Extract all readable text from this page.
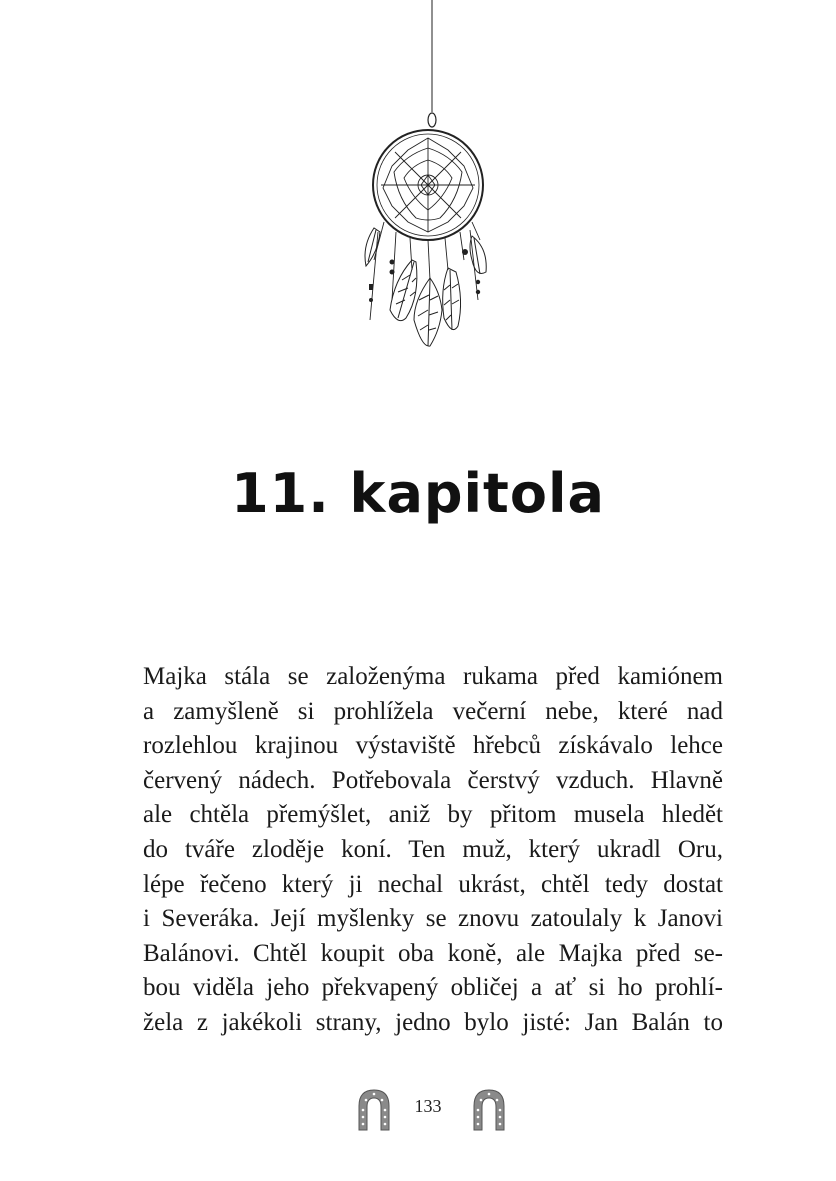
11. kapitola
Majka stála se založenýma rukama před kamiónem
a zamyšleně si prohlížela večerní nebe, které nad
rozlehlou krajinou výstaviště hřebců získávalo lehce
červený nádech. Potřebovala čerstvý vzduch. Hlavně
ale chtěla přemýšlet, aniž by přitom musela hledět
do tváře zloděje koní. Ten muž, který ukradl Oru,
lépe řečeno který ji nechal ukrást, chtěl tedy dostat
i Severáka. Její myšlenky se znovu zatoulaly k Janovi
Balánovi. Chtěl koupit oba koně, ale Majka před se-
bou viděla jeho překvapený obličej a ať si ho prohlí-
žela z jakékoli strany, jedno bylo jisté: Jan Balán to
133
